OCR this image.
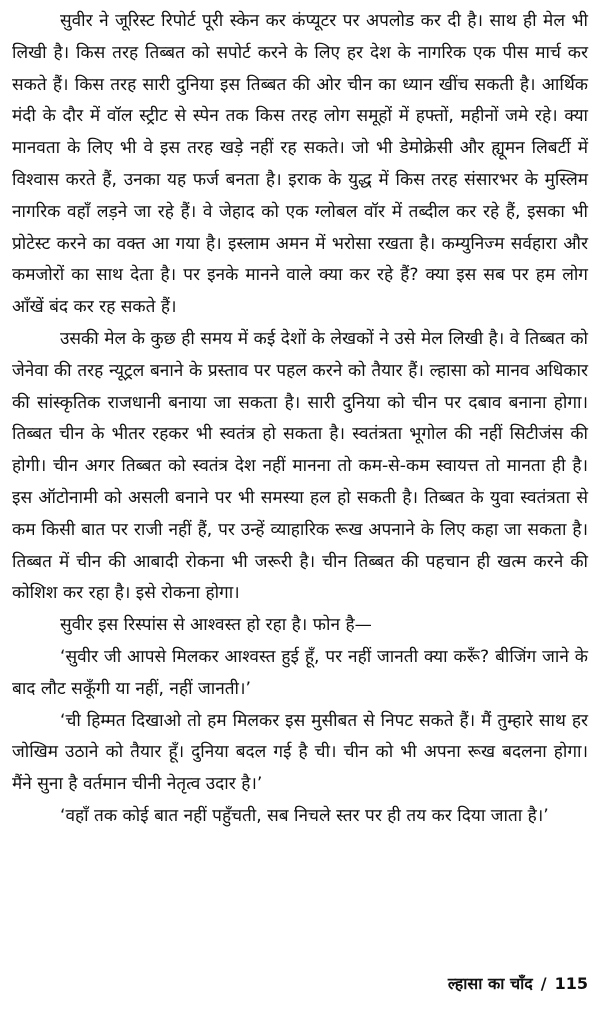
सुवीर ने जूरिस्ट रिपोर्ट पूरी स्केन कर कंप्यूटर पर अपलोड कर दी है। साथ ही मेल भी लिखी है। किस तरह तिब्बत को सपोर्ट करने के लिए हर देश के नागरिक एक पीस मार्च कर सकते हैं। किस तरह सारी दुनिया इस तिब्बत की ओर चीन का ध्यान खींच सकती है। आर्थिक मंदी के दौर में वॉल स्ट्रीट से स्पेन तक किस तरह लोग समूहों में हफ्तों, महीनों जमे रहे। क्या मानवता के लिए भी वे इस तरह खड़े नहीं रह सकते। जो भी डेमोक्रेसी और ह्यूमन लिबर्टी में विश्वास करते हैं, उनका यह फर्ज बनता है। इराक के युद्ध में किस तरह संसारभर के मुस्लिम नागरिक वहाँ लड़ने जा रहे हैं। वे जेहाद को एक ग्लोबल वॉर में तब्दील कर रहे हैं, इसका भी प्रोटेस्ट करने का वक्त आ गया है। इस्लाम अमन में भरोसा रखता है। कम्युनिज्म सर्वहारा और कमजोरों का साथ देता है। पर इनके मानने वाले क्या कर रहे हैं? क्या इस सब पर हम लोग आँखें बंद कर रह सकते हैं।

उसकी मेल के कुछ ही समय में कई देशों के लेखकों ने उसे मेल लिखी है। वे तिब्बत को जेनेवा की तरह न्यूट्रल बनाने के प्रस्ताव पर पहल करने को तैयार हैं। ल्हासा को मानव अधिकार की सांस्कृतिक राजधानी बनाया जा सकता है। सारी दुनिया को चीन पर दबाव बनाना होगा। तिब्बत चीन के भीतर रहकर भी स्वतंत्र हो सकता है। स्वतंत्रता भूगोल की नहीं सिटीजंस की होगी। चीन अगर तिब्बत को स्वतंत्र देश नहीं मानना तो कम-से-कम स्वायत्त तो मानता ही है। इस ऑटोनामी को असली बनाने पर भी समस्या हल हो सकती है। तिब्बत के युवा स्वतंत्रता से कम किसी बात पर राजी नहीं हैं, पर उन्हें व्याहारिक रूख अपनाने के लिए कहा जा सकता है। तिब्बत में चीन की आबादी रोकना भी जरूरी है। चीन तिब्बत की पहचान ही खत्म करने की कोशिश कर रहा है। इसे रोकना होगा।

सुवीर इस रिस्पांस से आश्वस्त हो रहा है। फोन है—

‘सुवीर जी आपसे मिलकर आश्वस्त हुई हूँ, पर नहीं जानती क्या करूँ? बीजिंग जाने के बाद लौट सकूँगी या नहीं, नहीं जानती।’

‘ची हिम्मत दिखाओ तो हम मिलकर इस मुसीबत से निपट सकते हैं। मैं तुम्हारे साथ हर जोखिम उठाने को तैयार हूँ। दुनिया बदल गई है ची। चीन को भी अपना रूख बदलना होगा। मैंने सुना है वर्तमान चीनी नेतृत्व उदार है।’

‘वहाँ तक कोई बात नहीं पहुँचती, सब निचले स्तर पर ही तय कर दिया जाता है।’

ल्हासा का चाँद / 115
